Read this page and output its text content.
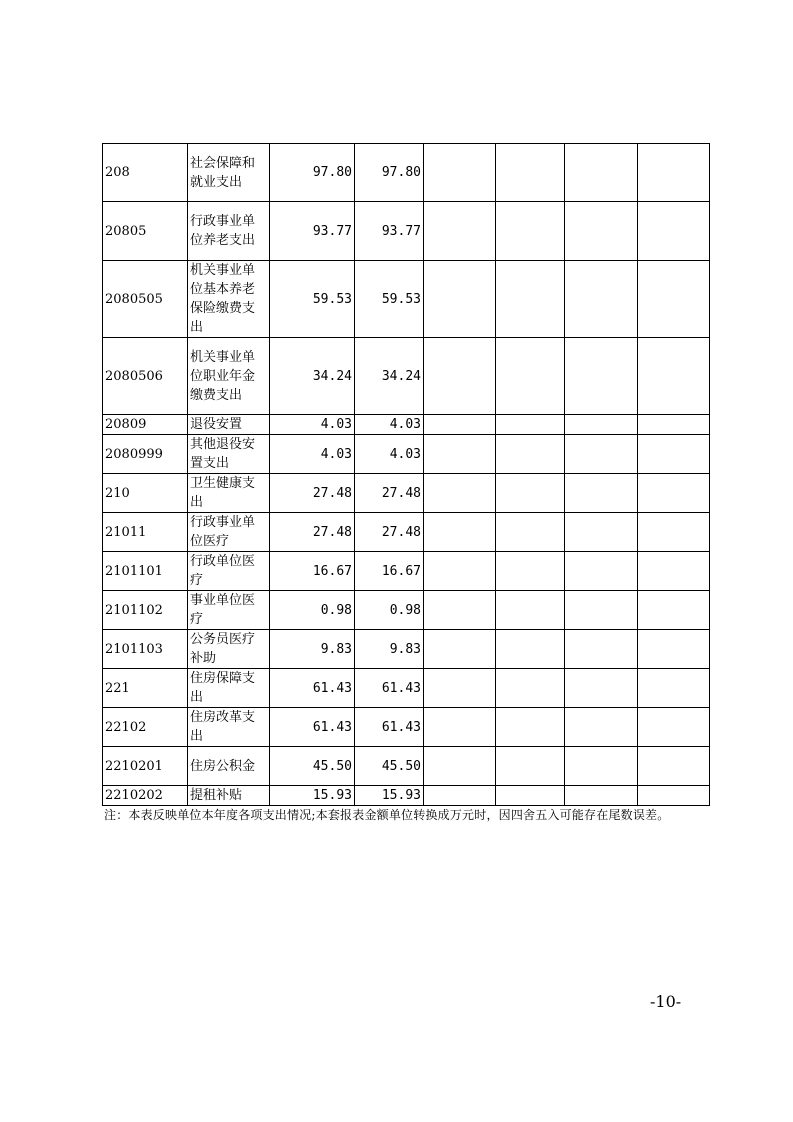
208	社会保障和就业支出	97.80	97.80				
20805	行政事业单位养老支出	93.77	93.77				
2080505	机关事业单位基本养老保险缴费支出	59.53	59.53				
2080506	机关事业单位职业年金缴费支出	34.24	34.24				
20809	退役安置	4.03	4.03				
2080999	其他退役安置支出	4.03	4.03				
210	卫生健康支出	27.48	27.48				
21011	行政事业单位医疗	27.48	27.48				
2101101	行政单位医疗	16.67	16.67				
2101102	事业单位医疗	0.98	0.98				
2101103	公务员医疗补助	9.83	9.83				
221	住房保障支出	61.43	61.43				
22102	住房改革支出	61.43	61.43				
2210201	住房公积金	45.50	45.50				
2210202	提租补贴	15.93	15.93				
注：本表反映单位本年度各项支出情况;本套报表金额单位转换成万元时，因四舍五入可能存在尾数误差。
-10-
